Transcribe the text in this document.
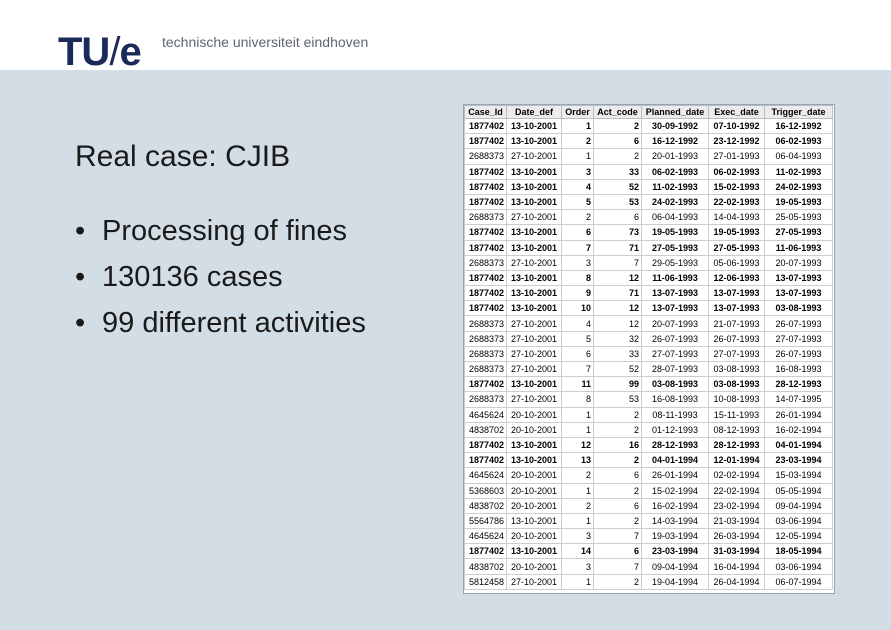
TU/e technische universiteit eindhoven
Real case: CJIB
• Processing of fines
• 130136 cases
• 99 different activities
Case_Id	Date_def	Order	Act_code	Planned_date	Exec_date	Trigger_date
1877402	13-10-2001	1	2	30-09-1992	07-10-1992	16-12-1992
1877402	13-10-2001	2	6	16-12-1992	23-12-1992	06-02-1993
2688373	27-10-2001	1	2	20-01-1993	27-01-1993	06-04-1993
1877402	13-10-2001	3	33	06-02-1993	06-02-1993	11-02-1993
1877402	13-10-2001	4	52	11-02-1993	15-02-1993	24-02-1993
1877402	13-10-2001	5	53	24-02-1993	22-02-1993	19-05-1993
2688373	27-10-2001	2	6	06-04-1993	14-04-1993	25-05-1993
1877402	13-10-2001	6	73	19-05-1993	19-05-1993	27-05-1993
1877402	13-10-2001	7	71	27-05-1993	27-05-1993	11-06-1993
2688373	27-10-2001	3	7	29-05-1993	05-06-1993	20-07-1993
1877402	13-10-2001	8	12	11-06-1993	12-06-1993	13-07-1993
1877402	13-10-2001	9	71	13-07-1993	13-07-1993	13-07-1993
1877402	13-10-2001	10	12	13-07-1993	13-07-1993	03-08-1993
2688373	27-10-2001	4	12	20-07-1993	21-07-1993	26-07-1993
2688373	27-10-2001	5	32	26-07-1993	26-07-1993	27-07-1993
2688373	27-10-2001	6	33	27-07-1993	27-07-1993	26-07-1993
2688373	27-10-2001	7	52	28-07-1993	03-08-1993	16-08-1993
1877402	13-10-2001	11	99	03-08-1993	03-08-1993	28-12-1993
2688373	27-10-2001	8	53	16-08-1993	10-08-1993	14-07-1995
4645624	20-10-2001	1	2	08-11-1993	15-11-1993	26-01-1994
4838702	20-10-2001	1	2	01-12-1993	08-12-1993	16-02-1994
1877402	13-10-2001	12	16	28-12-1993	28-12-1993	04-01-1994
1877402	13-10-2001	13	2	04-01-1994	12-01-1994	23-03-1994
4645624	20-10-2001	2	6	26-01-1994	02-02-1994	15-03-1994
5368603	20-10-2001	1	2	15-02-1994	22-02-1994	05-05-1994
4838702	20-10-2001	2	6	16-02-1994	23-02-1994	09-04-1994
5564786	13-10-2001	1	2	14-03-1994	21-03-1994	03-06-1994
4645624	20-10-2001	3	7	19-03-1994	26-03-1994	12-05-1994
1877402	13-10-2001	14	6	23-03-1994	31-03-1994	18-05-1994
4838702	20-10-2001	3	7	09-04-1994	16-04-1994	03-06-1994
5812458	27-10-2001	1	2	19-04-1994	26-04-1994	06-07-1994
